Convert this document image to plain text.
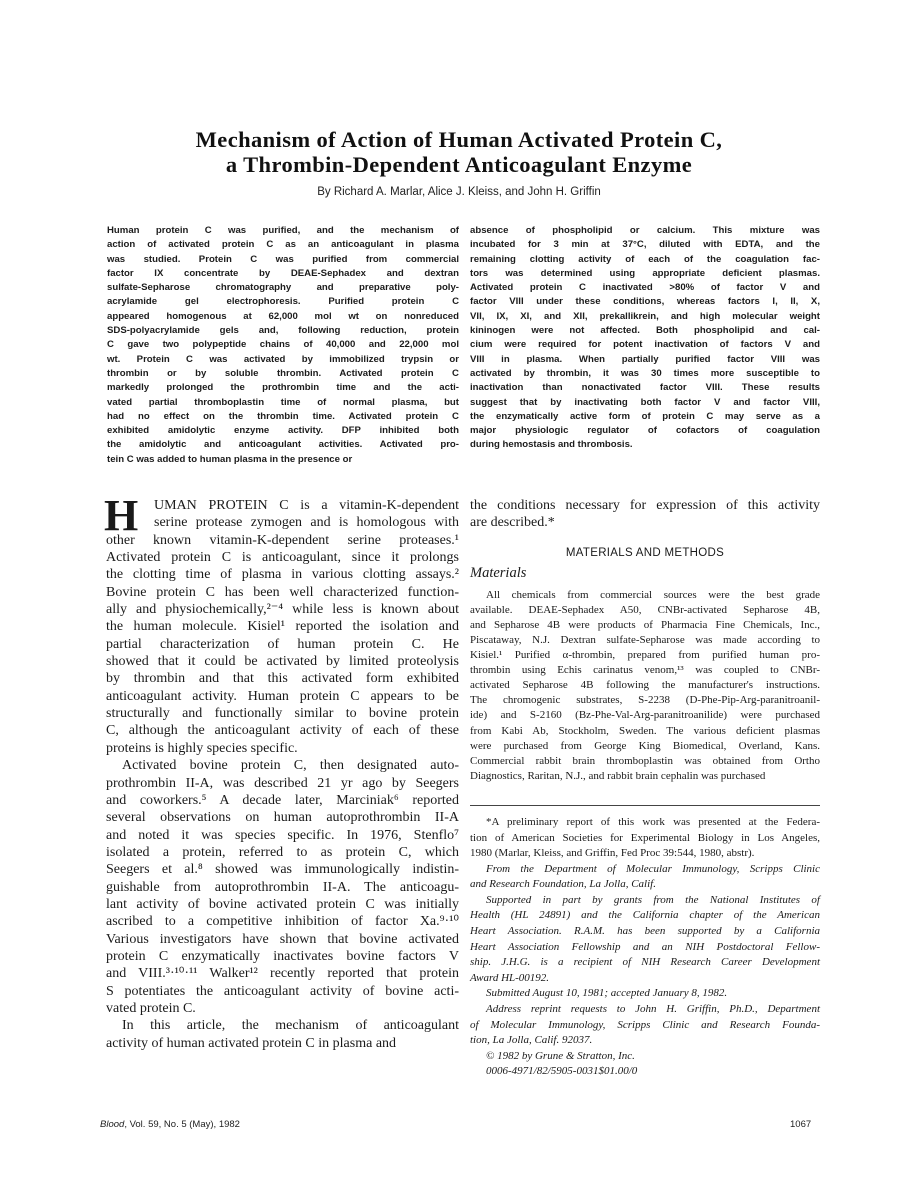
Mechanism of Action of Human Activated Protein C,
a Thrombin-Dependent Anticoagulant Enzyme
By Richard A. Marlar, Alice J. Kleiss, and John H. Griffin
Human protein C was purified, and the mechanism of
action of activated protein C as an anticoagulant in plasma
was studied. Protein C was purified from commercial
factor IX concentrate by DEAE-Sephadex and dextran
sulfate-Sepharose chromatography and preparative poly-
acrylamide gel electrophoresis. Purified protein C
appeared homogenous at 62,000 mol wt on nonreduced
SDS-polyacrylamide gels and, following reduction, protein
C gave two polypeptide chains of 40,000 and 22,000 mol
wt. Protein C was activated by immobilized trypsin or
thrombin or by soluble thrombin. Activated protein C
markedly prolonged the prothrombin time and the acti-
vated partial thromboplastin time of normal plasma, but
had no effect on the thrombin time. Activated protein C
exhibited amidolytic enzyme activity. DFP inhibited both
the amidolytic and anticoagulant activities. Activated pro-
tein C was added to human plasma in the presence or
absence of phospholipid or calcium. This mixture was
incubated for 3 min at 37°C, diluted with EDTA, and the
remaining clotting activity of each of the coagulation fac-
tors was determined using appropriate deficient plasmas.
Activated protein C inactivated >80% of factor V and
factor VIII under these conditions, whereas factors I, II, X,
VII, IX, XI, and XII, prekallikrein, and high molecular weight
kininogen were not affected. Both phospholipid and cal-
cium were required for potent inactivation of factors V and
VIII in plasma. When partially purified factor VIII was
activated by thrombin, it was 30 times more susceptible to
inactivation than nonactivated factor VIII. These results
suggest that by inactivating both factor V and factor VIII,
the enzymatically active form of protein C may serve as a
major physiologic regulator of cofactors of coagulation
during hemostasis and thrombosis.
H	UMAN PROTEIN C is a vitamin-K-dependent
serine protease zymogen and is homologous with
other known vitamin-K-dependent serine proteases.¹
Activated protein C is anticoagulant, since it prolongs
the clotting time of plasma in various clotting assays.²
Bovine protein C has been well characterized function-
ally and physiochemically,²⁻⁴ while less is known about
the human molecule. Kisiel¹ reported the isolation and
partial characterization of human protein C. He
showed that it could be activated by limited proteolysis
by thrombin and that this activated form exhibited
anticoagulant activity. Human protein C appears to be
structurally and functionally similar to bovine protein
C, although the anticoagulant activity of each of these
proteins is highly species specific.
Activated bovine protein C, then designated auto-
prothrombin II-A, was described 21 yr ago by Seegers
and coworkers.⁵ A decade later, Marciniak⁶ reported
several observations on human autoprothrombin II-A
and noted it was species specific. In 1976, Stenflo⁷
isolated a protein, referred to as protein C, which
Seegers et al.⁸ showed was immunologically indistin-
guishable from autoprothrombin II-A. The anticoagu-
lant activity of bovine activated protein C was initially
ascribed to a competitive inhibition of factor Xa.⁹·¹⁰
Various investigators have shown that bovine activated
protein C enzymatically inactivates bovine factors V
and VIII.³·¹⁰·¹¹ Walker¹² recently reported that protein
S potentiates the anticoagulant activity of bovine acti-
vated protein C.
In this article, the mechanism of anticoagulant
activity of human activated protein C in plasma and
the conditions necessary for expression of this activity
are described.*
MATERIALS AND METHODS
Materials
All chemicals from commercial sources were the best grade
available. DEAE-Sephadex A50, CNBr-activated Sepharose 4B,
and Sepharose 4B were products of Pharmacia Fine Chemicals, Inc.,
Piscataway, N.J. Dextran sulfate-Sepharose was made according to
Kisiel.¹ Purified α-thrombin, prepared from purified human pro-
thrombin using Echis carinatus venom,¹³ was coupled to CNBr-
activated Sepharose 4B following the manufacturer's instructions.
The chromogenic substrates, S-2238 (D-Phe-Pip-Arg-paranitroanil-
ide) and S-2160 (Bz-Phe-Val-Arg-paranitroanilide) were purchased
from Kabi Ab, Stockholm, Sweden. The various deficient plasmas
were purchased from George King Biomedical, Overland, Kans.
Commercial rabbit brain thromboplastin was obtained from Ortho
Diagnostics, Raritan, N.J., and rabbit brain cephalin was purchased
*A preliminary report of this work was presented at the Federa-
tion of American Societies for Experimental Biology in Los Angeles,
1980 (Marlar, Kleiss, and Griffin, Fed Proc 39:544, 1980, abstr).
From the Department of Molecular Immunology, Scripps Clinic
and Research Foundation, La Jolla, Calif.
Supported in part by grants from the National Institutes of
Health (HL 24891) and the California chapter of the American
Heart Association. R.A.M. has been supported by a California
Heart Association Fellowship and an NIH Postdoctoral Fellow-
ship. J.H.G. is a recipient of NIH Research Career Development
Award HL-00192.
Submitted August 10, 1981; accepted January 8, 1982.
Address reprint requests to John H. Griffin, Ph.D., Department
of Molecular Immunology, Scripps Clinic and Research Founda-
tion, La Jolla, Calif. 92037.
© 1982 by Grune & Stratton, Inc.
0006-4971/82/5905-0031$01.00/0
Blood, Vol. 59, No. 5 (May), 1982	1067
